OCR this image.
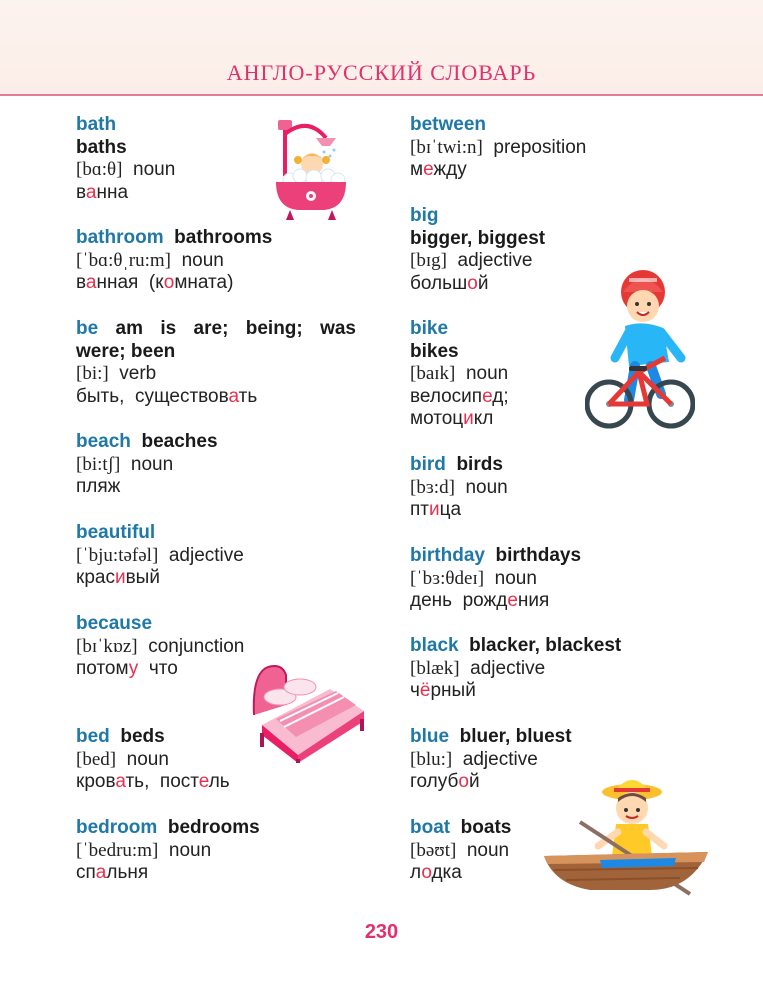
АНГЛО-РУССКИЙ СЛОВАРЬ
bath
baths
[bɑ:θ] noun
ванна
bathroom bathrooms
[ˈbɑ:θˌru:m] noun
ванная  (комната)
be am is are; being; was
were; been
[bi:] verb
быть,  существовать
beach beaches
[bi:tʃ] noun
пляж
beautiful
[ˈbju:təfəl] adjective
красивый
because
[bɪˈkɒz] conjunction
потому  что
bed beds
[bed] noun
кровать,  постель
bedroom bedrooms
[ˈbedru:m] noun
спальня
between
[bɪˈtwi:n] preposition
между
big
bigger, biggest
[bɪg] adjective
большой
bike
bikes
[baɪk] noun
велосипед;
мотоцикл
bird birds
[bɜ:d] noun
птица
birthday birthdays
[ˈbɜ:θdeɪ] noun
день  рождения
black blacker, blackest
[blæk] adjective
чёрный
blue bluer, bluest
[blu:] adjective
голубой
boat boats
[bəʊt] noun
лодка
230
